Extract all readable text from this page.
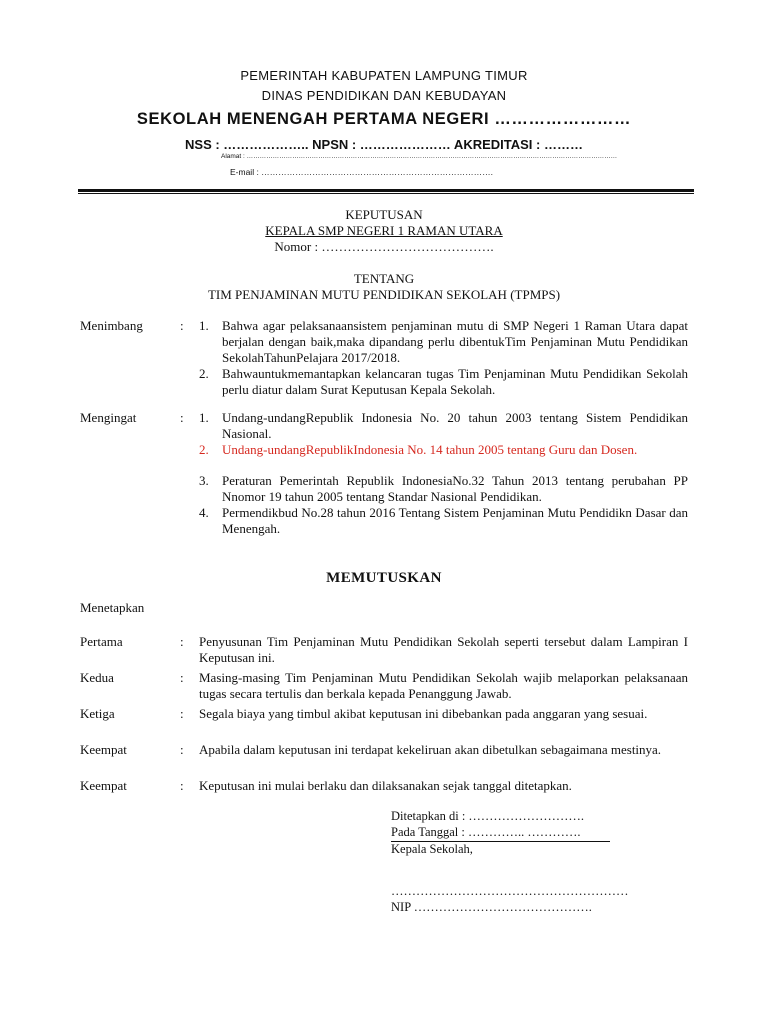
PEMERINTAH KABUPATEN LAMPUNG TIMUR
DINAS PENDIDIKAN DAN KEBUDAYAN
SEKOLAH MENENGAH PERTAMA NEGERI ……………………
NSS : ……………….. NPSN : ………………… AKREDITASI : ………
Alamat : ………………………………………………………………………………………………………………………………………………………
E-mail : ……………………………………………………………………….
KEPUTUSAN
KEPALA SMP NEGERI 1 RAMAN UTARA
Nomor : ………………………………….
TENTANG
TIM PENJAMINAN MUTU PENDIDIKAN SEKOLAH (TPMPS)
Menimbang	: 1.	Bahwa agar pelaksanaansistem penjaminan mutu di SMP Negeri 1 Raman Utara dapat berjalan dengan baik,maka dipandang perlu dibentukTim Penjaminan Mutu Pendidikan SekolahTahunPelajara 2017/2018.
2.	Bahwauntukmemantapkan kelancaran tugas Tim Penjaminan Mutu Pendidikan Sekolah perlu diatur dalam Surat Keputusan Kepala Sekolah.
Mengingat	: 1.	Undang-undangRepublik Indonesia No. 20 tahun 2003 tentang Sistem Pendidikan Nasional.
2.	Undang-undangRepublikIndonesia No. 14 tahun 2005 tentang Guru dan Dosen.
3.	Peraturan Pemerintah Republik IndonesiaNo.32 Tahun 2013 tentang perubahan PP Nnomor 19 tahun 2005 tentang Standar Nasional Pendidikan.
4.	Permendikbud No.28 tahun 2016 Tentang Sistem Penjaminan Mutu Pendidikn Dasar dan Menengah.
MEMUTUSKAN
Menetapkan
Pertama	: Penyusunan Tim Penjaminan Mutu Pendidikan Sekolah seperti tersebut dalam Lampiran I Keputusan ini.
Kedua	: Masing-masing Tim Penjaminan Mutu Pendidikan Sekolah wajib melaporkan pelaksanaan tugas secara tertulis dan berkala kepada Penanggung Jawab.
Ketiga	: Segala biaya yang timbul akibat keputusan ini dibebankan pada anggaran yang sesuai.
Keempat	: Apabila dalam keputusan ini terdapat kekeliruan akan dibetulkan sebagaimana mestinya.
Keempat	: Keputusan ini mulai berlaku dan dilaksanakan sejak tanggal ditetapkan.
Ditetapkan di : ……………………….
Pada Tanggal : ………….. ………….
Kepala Sekolah,
…………………………………………………
NIP …………………………………….
